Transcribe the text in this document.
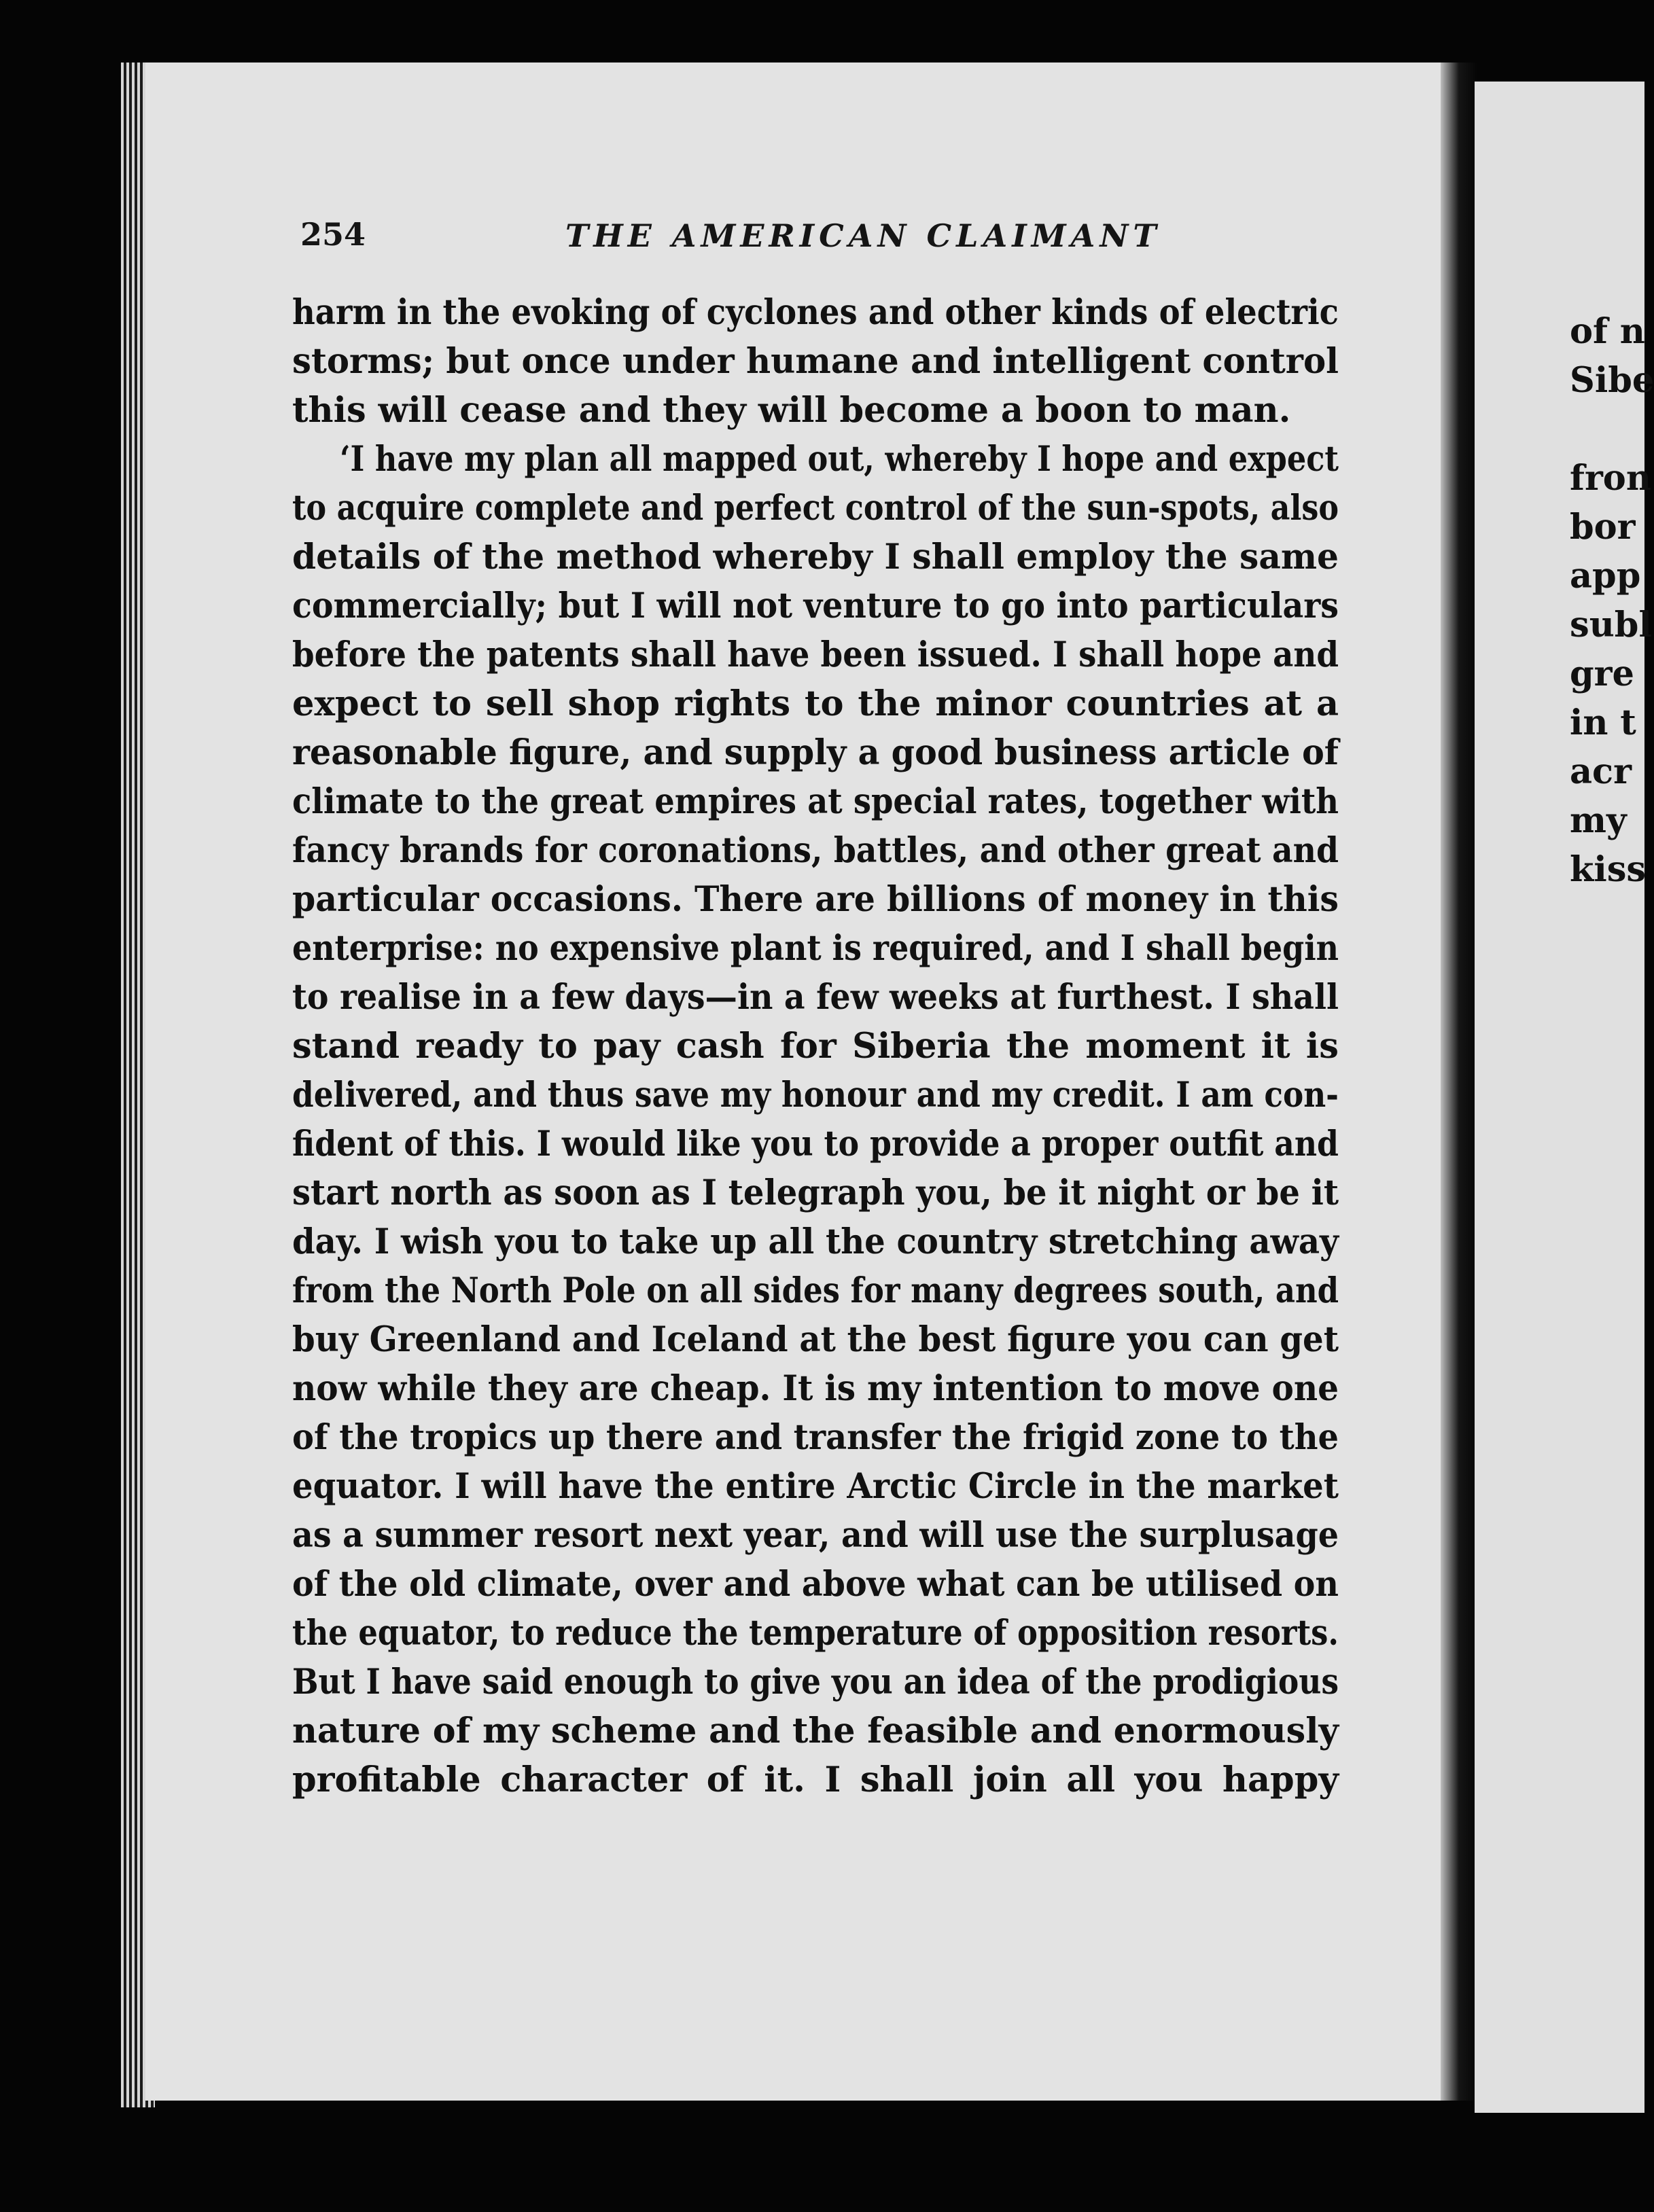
254	THE AMERICAN CLAIMANT
harm in the evoking of cyclones and other kinds of electric
storms; but once under humane and intelligent control
this will cease and they will become a boon to man.
‘I have my plan all mapped out, whereby I hope and expect
to acquire complete and perfect control of the sun-spots, also
details of the method whereby I shall employ the same
commercially; but I will not venture to go into particulars
before the patents shall have been issued. I shall hope and
expect to sell shop rights to the minor countries at a
reasonable figure, and supply a good business article of
climate to the great empires at special rates, together with
fancy brands for coronations, battles, and other great and
particular occasions. There are billions of money in this
enterprise: no expensive plant is required, and I shall begin
to realise in a few days—in a few weeks at furthest. I shall
stand ready to pay cash for Siberia the moment it is
delivered, and thus save my honour and my credit. I am con-
fident of this. I would like you to provide a proper outfit and
start north as soon as I telegraph you, be it night or be it
day. I wish you to take up all the country stretching away
from the North Pole on all sides for many degrees south, and
buy Greenland and Iceland at the best figure you can get
now while they are cheap. It is my intention to move one
of the tropics up there and transfer the frigid zone to the
equator. I will have the entire Arctic Circle in the market
as a summer resort next year, and will use the surplusage
of the old climate, over and above what can be utilised on
the equator, to reduce the temperature of opposition resorts.
But I have said enough to give you an idea of the prodigious
nature of my scheme and the feasible and enormously
profitable character of it. I shall join all you happy
of n
Sibe
fron
bor
app
subl
gre
in t
acr
my
kiss
